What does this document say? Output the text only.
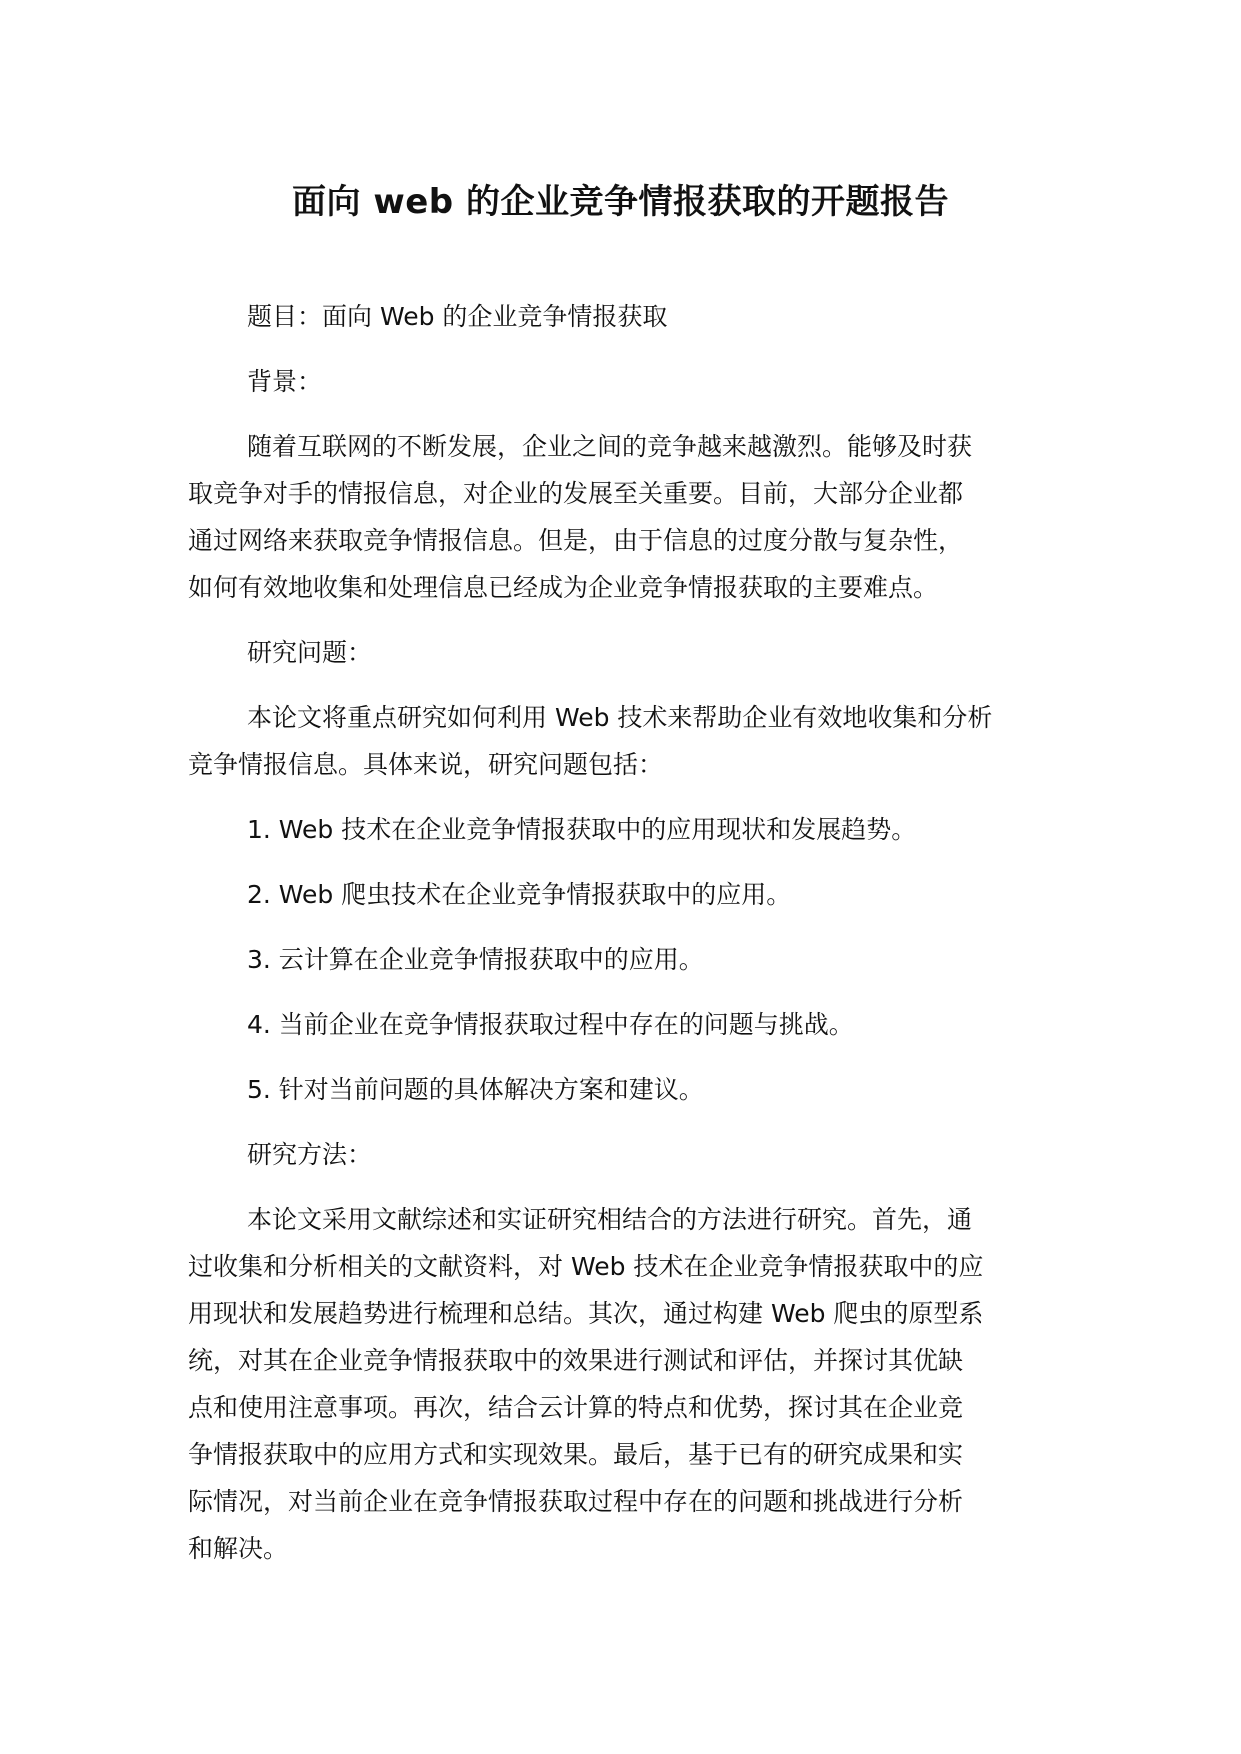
面向 web 的企业竞争情报获取的开题报告

题目：面向 Web 的企业竞争情报获取

背景：

随着互联网的不断发展，企业之间的竞争越来越激烈。能够及时获
取竞争对手的情报信息，对企业的发展至关重要。目前，大部分企业都
通过网络来获取竞争情报信息。但是，由于信息的过度分散与复杂性，
如何有效地收集和处理信息已经成为企业竞争情报获取的主要难点。

研究问题：

本论文将重点研究如何利用 Web 技术来帮助企业有效地收集和分析
竞争情报信息。具体来说，研究问题包括：

1. Web 技术在企业竞争情报获取中的应用现状和发展趋势。

2. Web 爬虫技术在企业竞争情报获取中的应用。

3. 云计算在企业竞争情报获取中的应用。

4. 当前企业在竞争情报获取过程中存在的问题与挑战。

5. 针对当前问题的具体解决方案和建议。

研究方法：

本论文采用文献综述和实证研究相结合的方法进行研究。首先，通
过收集和分析相关的文献资料，对 Web 技术在企业竞争情报获取中的应
用现状和发展趋势进行梳理和总结。其次，通过构建 Web 爬虫的原型系
统，对其在企业竞争情报获取中的效果进行测试和评估，并探讨其优缺
点和使用注意事项。再次，结合云计算的特点和优势，探讨其在企业竞
争情报获取中的应用方式和实现效果。最后，基于已有的研究成果和实
际情况，对当前企业在竞争情报获取过程中存在的问题和挑战进行分析
和解决。
